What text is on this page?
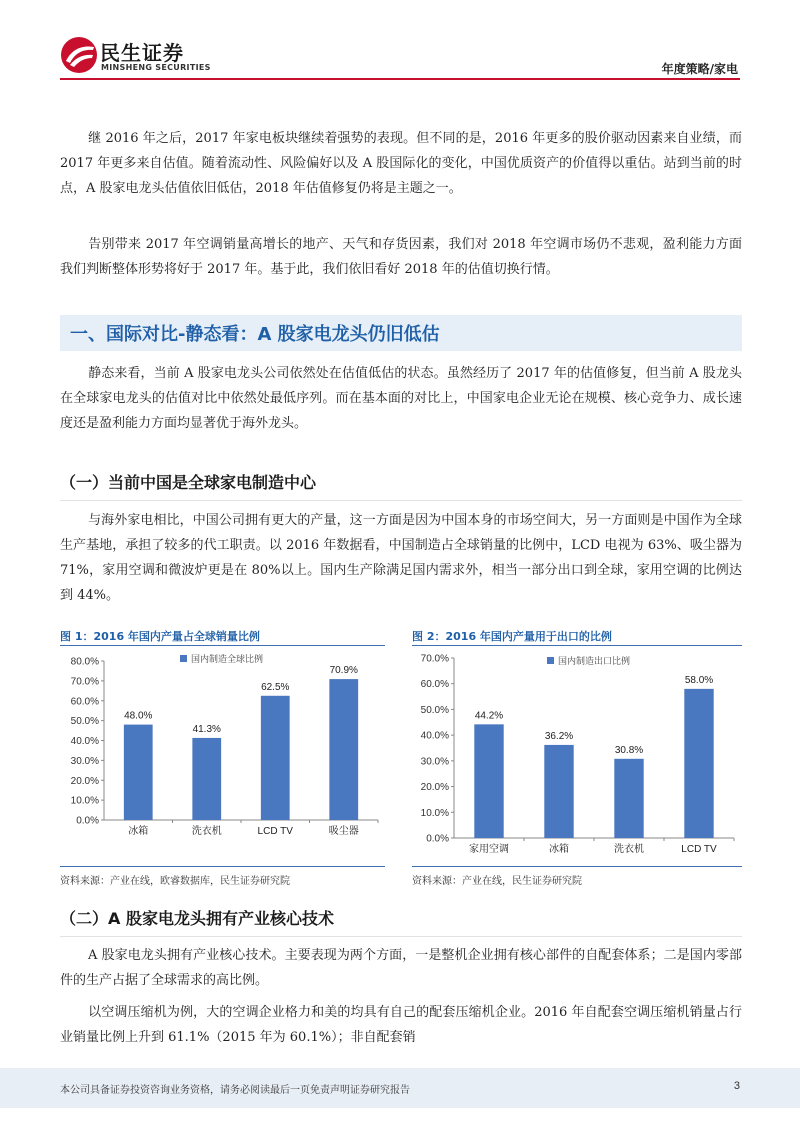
民生证券
MINSHENG SECURITIES	年度策略/家电
继 2016 年之后，2017 年家电板块继续着强势的表现。但不同的是，2016 年更多的股价驱动因素来自业绩，而 2017 年更多来自估值。随着流动性、风险偏好以及 A 股国际化的变化，中国优质资产的价值得以重估。站到当前的时点，A 股家电龙头估值依旧低估，2018 年估值修复仍将是主题之一。
告别带来 2017 年空调销量高增长的地产、天气和存货因素，我们对 2018 年空调市场仍不悲观，盈利能力方面我们判断整体形势将好于 2017 年。基于此，我们依旧看好 2018 年的估值切换行情。
一、国际对比-静态看：A 股家电龙头仍旧低估
静态来看，当前 A 股家电龙头公司依然处在估值低估的状态。虽然经历了 2017 年的估值修复，但当前 A 股龙头在全球家电龙头的估值对比中依然处最低序列。而在基本面的对比上，中国家电企业无论在规模、核心竞争力、成长速度还是盈利能力方面均显著优于海外龙头。
（一）当前中国是全球家电制造中心
与海外家电相比，中国公司拥有更大的产量，这一方面是因为中国本身的市场空间大，另一方面则是中国作为全球生产基地，承担了较多的代工职责。以 2016 年数据看，中国制造占全球销量的比例中，LCD 电视为 63%、吸尘器为 71%，家用空调和微波炉更是在 80%以上。国内生产除满足国内需求外，相当一部分出口到全球，家用空调的比例达到 44%。
图 1：2016 年国内产量占全球销量比例
0.0%
10.0%
20.0%
30.0%
40.0%
50.0%
60.0%
70.0%
80.0%
48.0%
冰箱
41.3%
洗衣机
62.5%
LCD TV
70.9%
吸尘器
国内制造全球比例
资料来源：产业在线，欧睿数据库，民生证券研究院
图 2：2016 年国内产量用于出口的比例
0.0%
10.0%
20.0%
30.0%
40.0%
50.0%
60.0%
70.0%
44.2%
家用空调
36.2%
冰箱
30.8%
洗衣机
58.0%
LCD TV
国内制造出口比例
资料来源：产业在线，民生证券研究院
（二）A 股家电龙头拥有产业核心技术
A 股家电龙头拥有产业核心技术。主要表现为两个方面，一是整机企业拥有核心部件的自配套体系；二是国内零部件的生产占据了全球需求的高比例。
以空调压缩机为例，大的空调企业格力和美的均具有自己的配套压缩机企业。2016 年自配套空调压缩机销量占行业销量比例上升到 61.1%（2015 年为 60.1%）；非自配套销
本公司具备证券投资咨询业务资格，请务必阅读最后一页免责声明证券研究报告	3
